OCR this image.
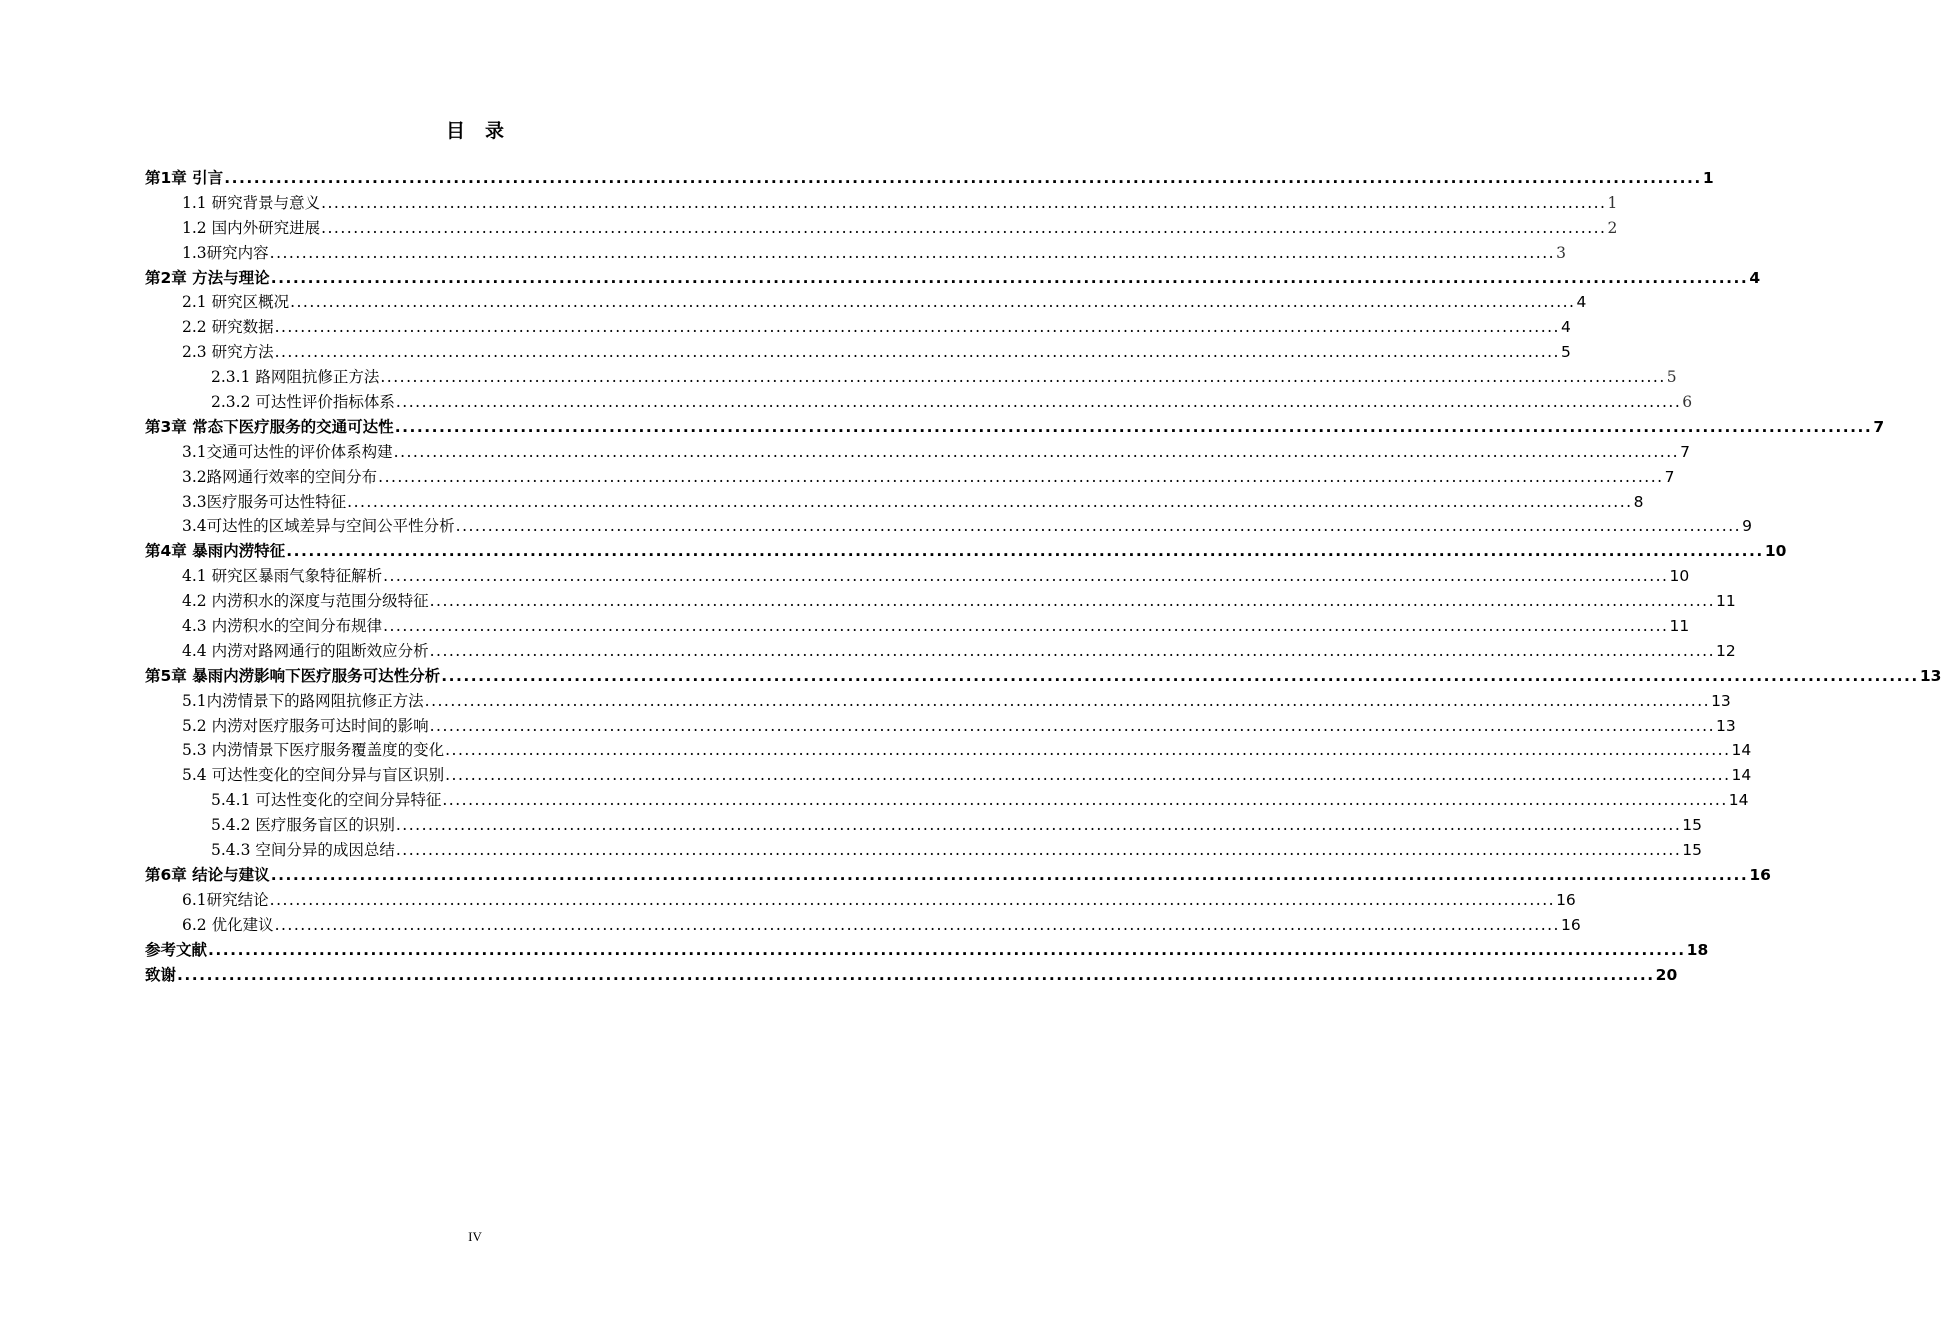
目录
第1章 引言 ........................................................................................................................................................................................................ 1
1.1 研究背景与意义 ........................................................................................................................................................................................................ 1
1.2 国内外研究进展 ........................................................................................................................................................................................................ 2
1.3研究内容 ........................................................................................................................................................................................................ 3
第2章 方法与理论 ........................................................................................................................................................................................................ 4
2.1 研究区概况 ........................................................................................................................................................................................................ 4
2.2 研究数据 ........................................................................................................................................................................................................ 4
2.3 研究方法 ........................................................................................................................................................................................................ 5
2.3.1 路网阻抗修正方法 ........................................................................................................................................................................................................ 5
2.3.2 可达性评价指标体系 ........................................................................................................................................................................................................ 6
第3章 常态下医疗服务的交通可达性 ........................................................................................................................................................................................................ 7
3.1交通可达性的评价体系构建 ........................................................................................................................................................................................................ 7
3.2路网通行效率的空间分布 ........................................................................................................................................................................................................ 7
3.3医疗服务可达性特征 ........................................................................................................................................................................................................ 8
3.4可达性的区域差异与空间公平性分析 ........................................................................................................................................................................................................ 9
第4章 暴雨内涝特征 ........................................................................................................................................................................................................ 10
4.1 研究区暴雨气象特征解析 ........................................................................................................................................................................................................ 10
4.2 内涝积水的深度与范围分级特征 ........................................................................................................................................................................................................ 11
4.3 内涝积水的空间分布规律 ........................................................................................................................................................................................................ 11
4.4 内涝对路网通行的阻断效应分析 ........................................................................................................................................................................................................ 12
第5章 暴雨内涝影响下医疗服务可达性分析 ........................................................................................................................................................................................................ 13
5.1内涝情景下的路网阻抗修正方法 ........................................................................................................................................................................................................ 13
5.2 内涝对医疗服务可达时间的影响 ........................................................................................................................................................................................................ 13
5.3 内涝情景下医疗服务覆盖度的变化 ........................................................................................................................................................................................................ 14
5.4 可达性变化的空间分异与盲区识别 ........................................................................................................................................................................................................ 14
5.4.1 可达性变化的空间分异特征 ........................................................................................................................................................................................................ 14
5.4.2 医疗服务盲区的识别 ........................................................................................................................................................................................................ 15
5.4.3 空间分异的成因总结 ........................................................................................................................................................................................................ 15
第6章 结论与建议 ........................................................................................................................................................................................................ 16
6.1研究结论 ........................................................................................................................................................................................................ 16
6.2 优化建议 ........................................................................................................................................................................................................ 16
参考文献 ........................................................................................................................................................................................................ 18
致谢 ........................................................................................................................................................................................................ 20
IV
